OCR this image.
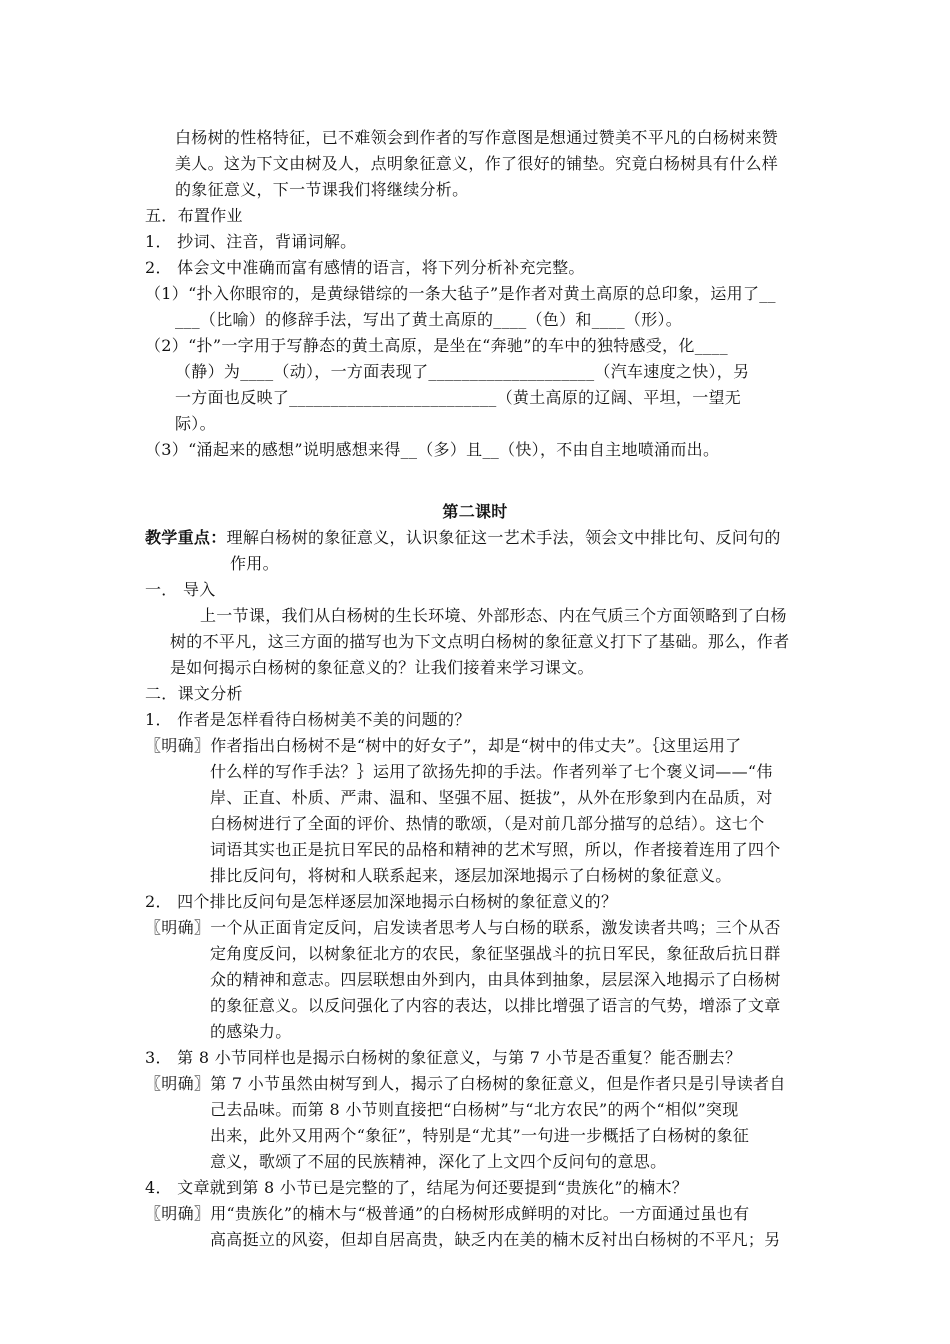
白杨树的性格特征，已不难领会到作者的写作意图是想通过赞美不平凡的白杨树来赞
美人。这为下文由树及人，点明象征意义，作了很好的铺垫。究竟白杨树具有什么样
的象征意义，下一节课我们将继续分析。
五．布置作业
1． 抄词、注音，背诵词解。
2． 体会文中准确而富有感情的语言，将下列分析补充完整。
（1）“扑入你眼帘的，是黄绿错综的一条大毡子”是作者对黄土高原的总印象，运用了__
___（比喻）的修辞手法，写出了黄土高原的____（色）和____（形）。
（2）“扑”一字用于写静态的黄土高原，是坐在“奔驰”的车中的独特感受，化____
（静）为____（动），一方面表现了____________________（汽车速度之快），另
一方面也反映了_________________________（黄土高原的辽阔、平坦，一望无
际）。
（3）“涌起来的感想”说明感想来得__（多）且__（快），不由自主地喷涌而出。
第二课时
教学重点：理解白杨树的象征意义，认识象征这一艺术手法，领会文中排比句、反问句的
作用。
一． 导入
上一节课，我们从白杨树的生长环境、外部形态、内在气质三个方面领略到了白杨
树的不平凡，这三方面的描写也为下文点明白杨树的象征意义打下了基础。那么，作者
是如何揭示白杨树的象征意义的？让我们接着来学习课文。
二．课文分析
1． 作者是怎样看待白杨树美不美的问题的？
〖明确〗作者指出白杨树不是“树中的好女子”，却是“树中的伟丈夫”。｛这里运用了
什么样的写作手法？｝运用了欲扬先抑的手法。作者列举了七个褒义词——“伟
岸、正直、朴质、严肃、温和、坚强不屈、挺拔”，从外在形象到内在品质，对
白杨树进行了全面的评价、热情的歌颂，（是对前几部分描写的总结）。这七个
词语其实也正是抗日军民的品格和精神的艺术写照，所以，作者接着连用了四个
排比反问句，将树和人联系起来，逐层加深地揭示了白杨树的象征意义。
2． 四个排比反问句是怎样逐层加深地揭示白杨树的象征意义的？
〖明确〗一个从正面肯定反问，启发读者思考人与白杨的联系，激发读者共鸣；三个从否
定角度反问，以树象征北方的农民，象征坚强战斗的抗日军民，象征敌后抗日群
众的精神和意志。四层联想由外到内，由具体到抽象，层层深入地揭示了白杨树
的象征意义。以反问强化了内容的表达，以排比增强了语言的气势，增添了文章
的感染力。
3． 第 8 小节同样也是揭示白杨树的象征意义，与第 7 小节是否重复？能否删去？
〖明确〗第 7 小节虽然由树写到人，揭示了白杨树的象征意义，但是作者只是引导读者自
己去品味。而第 8 小节则直接把“白杨树”与“北方农民”的两个“相似”突现
出来，此外又用两个“象征”，特别是“尤其”一句进一步概括了白杨树的象征
意义，歌颂了不屈的民族精神，深化了上文四个反问句的意思。
4． 文章就到第 8 小节已是完整的了，结尾为何还要提到“贵族化”的楠木？
〖明确〗用“贵族化”的楠木与“极普通”的白杨树形成鲜明的对比。一方面通过虽也有
高高挺立的风姿，但却自居高贵，缺乏内在美的楠木反衬出白杨树的不平凡；另
